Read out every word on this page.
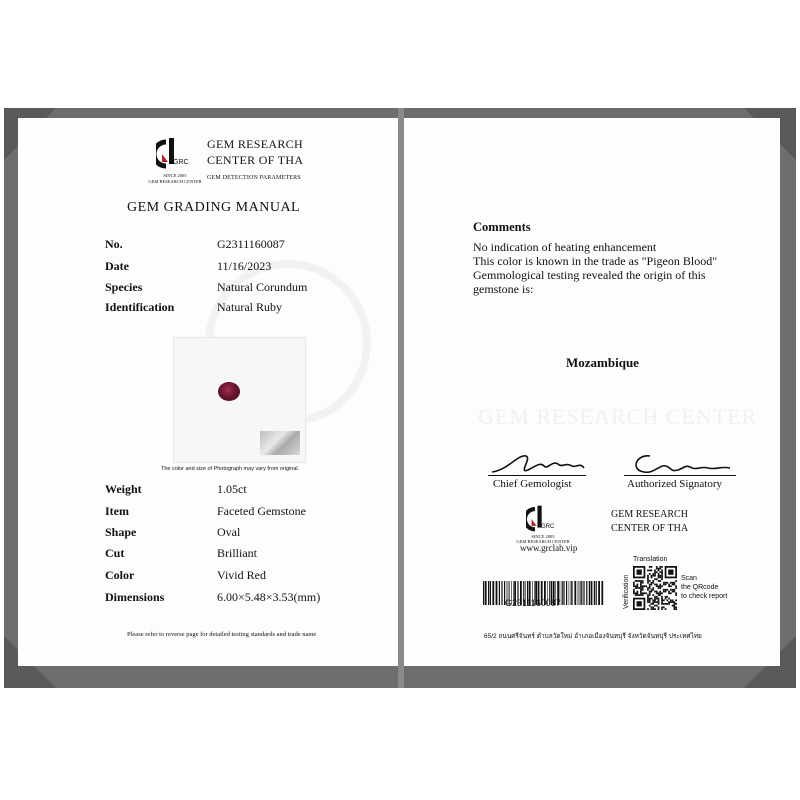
GRC
SINCE 2005
GEM RESEARCH CENTER
GEM RESEARCH
CENTER OF THA
GEM DETECTION PARAMETERS
GEM GRADING MANUAL
No.	G2311160087
Date	11/16/2023
Species	Natural Corundum
Identification	Natural Ruby
The color and size of Photograph may vary from original.
Weight	1.05ct
Item	Faceted Gemstone
Shape	Oval
Cut	Brilliant
Color	Vivid Red
Dimensions	6.00×5.48×3.53(mm)
Please refer to reverse page for detailed testing standards and trade name
Comments
No indication of heating enhancement
This color is known in the trade as "Pigeon Blood"
Gemmological testing revealed the origin of this
gemstone is:
Mozambique
GEM RESEARCH CENTER
Chief Gemologist	Authorized Signatory
GRC
SINCE 2005
GEM RESEARCH CENTER
www.grclab.vip
GEM RESEARCH
CENTER OF THA
G2311160087	Verification
Translation
Scan
the QRcode
to check report
65/2 ถนนศรีจันทร์ ตำบลวัดใหม่ อำเภอเมืองจันทบุรี จังหวัดจันทบุรี ประเทศไทย
